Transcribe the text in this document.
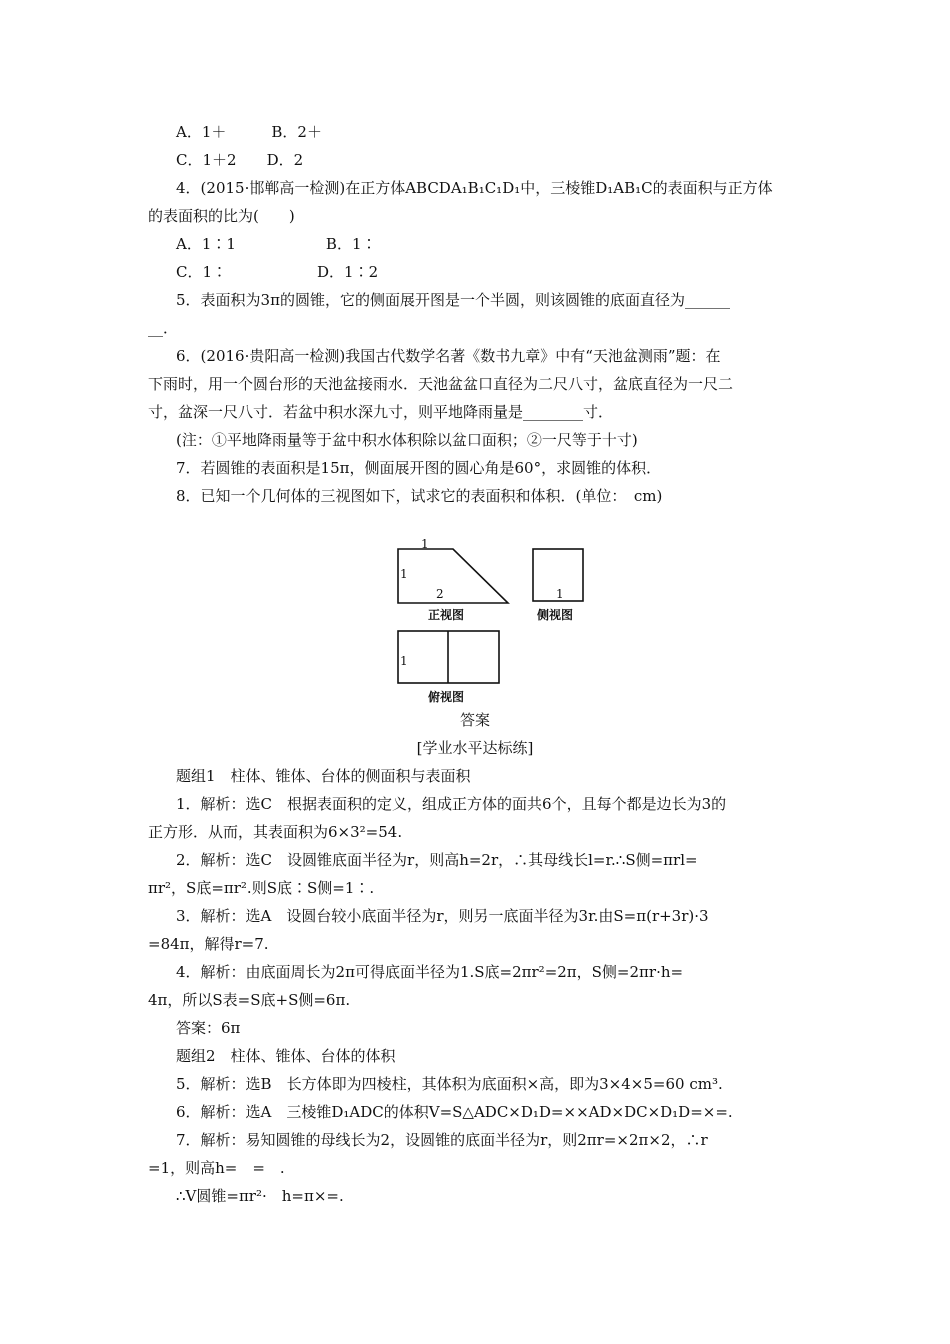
A．1＋　　　B．2＋
C．1＋2　　D．2
4．(2015·邯郸高一检测)在正方体ABCDA₁B₁C₁D₁中，三棱锥D₁AB₁C的表面积与正方体
的表面积的比为(　　)
A．1∶1　　　　　　B．1∶
C．1∶　　　　　　D．1∶2
5．表面积为3π的圆锥，它的侧面展开图是一个半圆，则该圆锥的底面直径为______
__．
6．(2016·贵阳高一检测)我国古代数学名著《数书九章》中有“天池盆测雨”题：在
下雨时，用一个圆台形的天池盆接雨水．天池盆盆口直径为二尺八寸，盆底直径为一尺二
寸，盆深一尺八寸．若盆中积水深九寸，则平地降雨量是________寸．
(注：①平地降雨量等于盆中积水体积除以盆口面积；②一尺等于十寸)
7．若圆锥的表面积是15π，侧面展开图的圆心角是60°，求圆锥的体积．
8．已知一个几何体的三视图如下，试求它的表面积和体积．(单位：　cm)
1
1
2
正视图
1
侧视图
1
俯视图
答案
[学业水平达标练]
题组1　柱体、锥体、台体的侧面积与表面积
1．解析：选C　根据表面积的定义，组成正方体的面共6个，且每个都是边长为3的
正方形．从而，其表面积为6×3²=54.
2．解析：选C　设圆锥底面半径为r，则高h=2r，∴其母线长l=r.∴S侧=πrl=
πr²，S底=πr².则S底∶S侧=1∶.
3．解析：选A　设圆台较小底面半径为r，则另一底面半径为3r.由S=π(r+3r)·3
=84π，解得r=7.
4．解析：由底面周长为2π可得底面半径为1.S底=2πr²=2π，S侧=2πr·h=
4π，所以S表=S底+S侧=6π.
答案：6π
题组2　柱体、锥体、台体的体积
5．解析：选B　长方体即为四棱柱，其体积为底面积×高，即为3×4×5=60 cm³.
6．解析：选A　三棱锥D₁ADC的体积V=S△ADC×D₁D=××AD×DC×D₁D=×=.
7．解析：易知圆锥的母线长为2，设圆锥的底面半径为r，则2πr=×2π×2，∴r
=1，则高h=　=　.
∴V圆锥=πr²·　h=π×=.
